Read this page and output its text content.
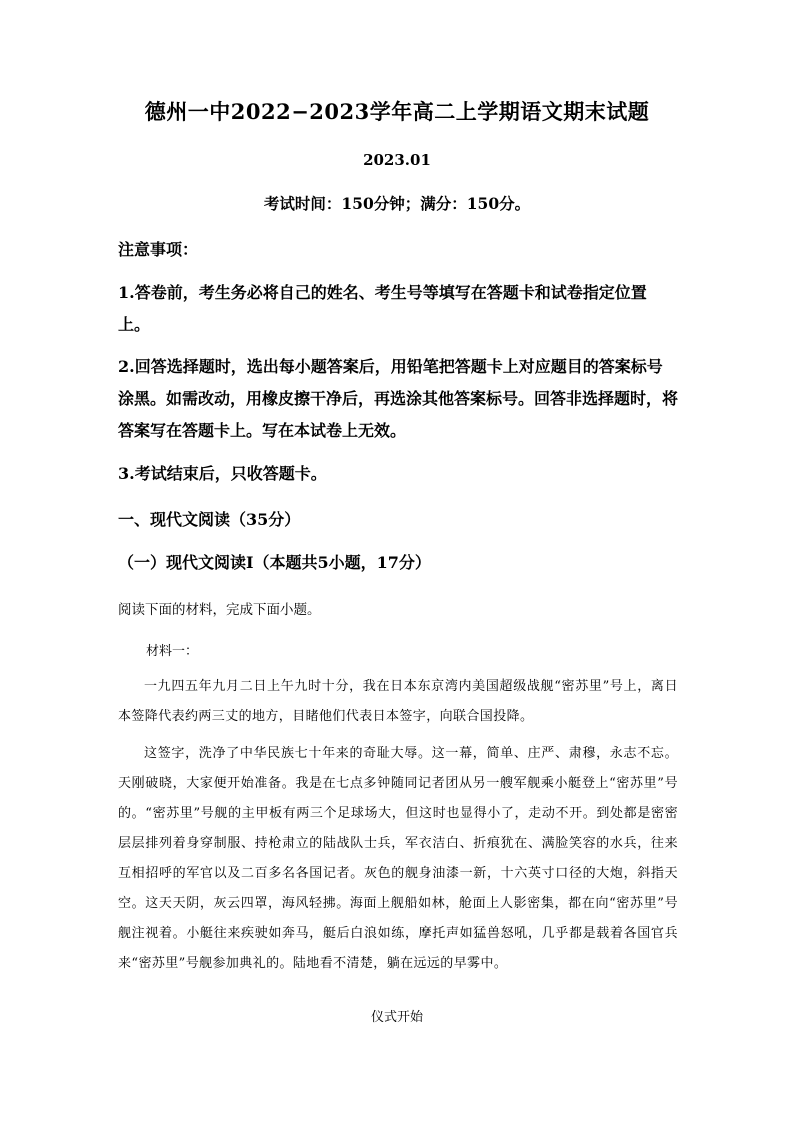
德州一中2022−2023学年高二上学期语文期末试题
2023.01
考试时间：150分钟；满分：150分。
注意事项：
1.答卷前，考生务必将自己的姓名、考生号等填写在答题卡和试卷指定位置上。
2.回答选择题时，选出每小题答案后，用铅笔把答题卡上对应题目的答案标号涂黑。如需改动，用橡皮擦干净后，再选涂其他答案标号。回答非选择题时，将答案写在答题卡上。写在本试卷上无效。
3.考试结束后，只收答题卡。
一、现代文阅读（35分）
（一）现代文阅读Ⅰ（本题共5小题，17分）
阅读下面的材料，完成下面小题。
材料一：
一九四五年九月二日上午九时十分，我在日本东京湾内美国超级战舰“密苏里”号上，离日本签降代表约两三丈的地方，目睹他们代表日本签字，向联合国投降。
这签字，洗净了中华民族七十年来的奇耻大辱。这一幕，简单、庄严、肃穆，永志不忘。天刚破晓，大家便开始准备。我是在七点多钟随同记者团从另一艘军舰乘小艇登上“密苏里”号的。“密苏里”号舰的主甲板有两三个足球场大，但这时也显得小了，走动不开。到处都是密密层层排列着身穿制服、持枪肃立的陆战队士兵，军衣洁白、折痕犹在、满脸笑容的水兵，往来互相招呼的军官以及二百多名各国记者。灰色的舰身油漆一新，十六英寸口径的大炮，斜指天空。这天天阴，灰云四罩，海风轻拂。海面上舰船如林，舱面上人影密集，都在向“密苏里”号舰注视着。小艇往来疾驶如奔马，艇后白浪如练，摩托声如猛兽怒吼，几乎都是载着各国官兵来“密苏里”号舰参加典礼的。陆地看不清楚，躺在远远的早雾中。
仪式开始
